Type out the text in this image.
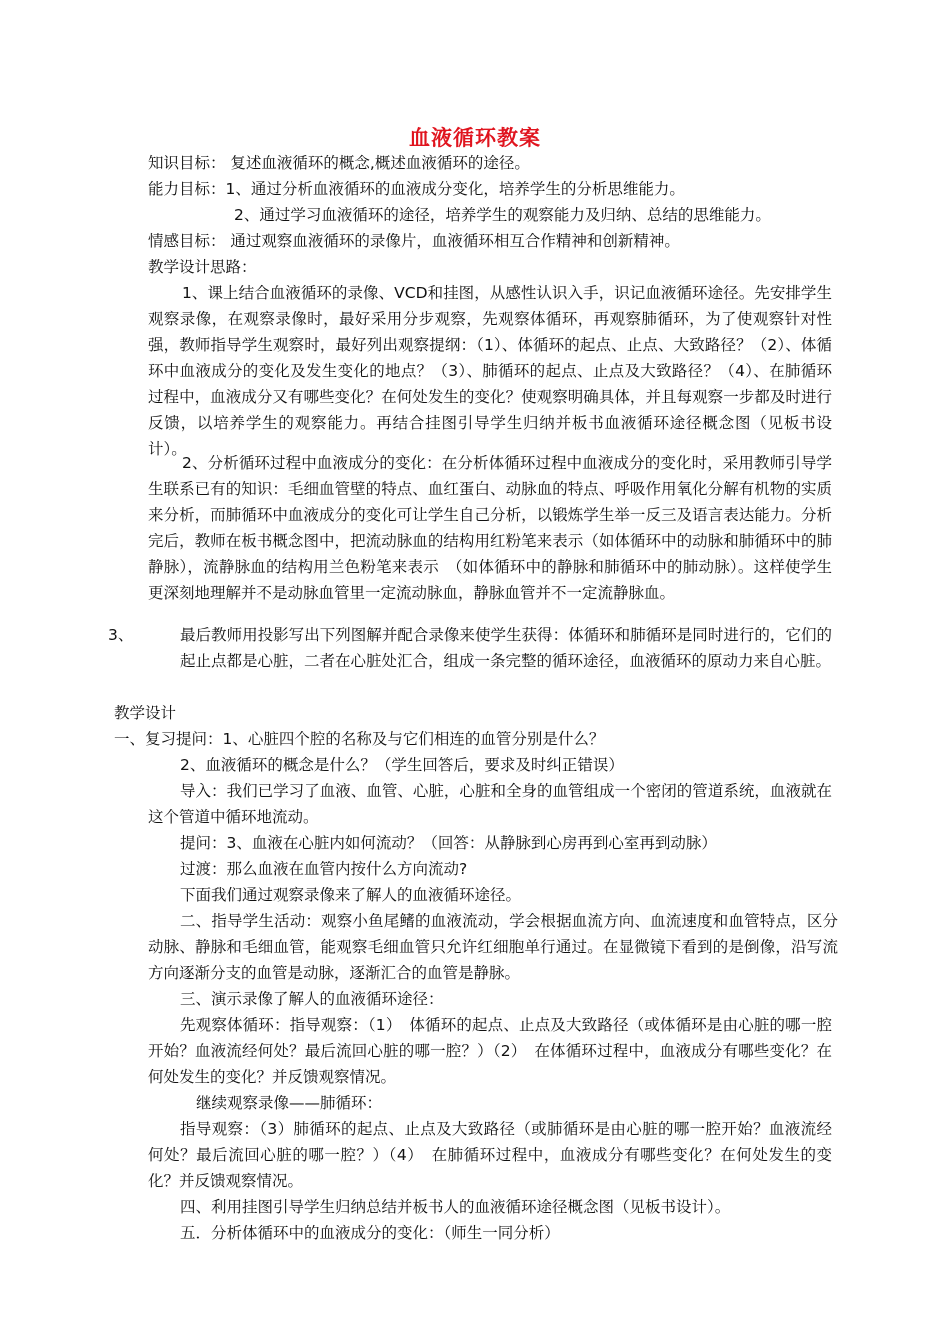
血液循环教案
知识目标： 复述血液循环的概念,概述血液循环的途径。
能力目标：1、通过分析血液循环的血液成分变化，培养学生的分析思维能力。
2、通过学习血液循环的途径，培养学生的观察能力及归纳、总结的思维能力。
情感目标： 通过观察血液循环的录像片，血液循环相互合作精神和创新精神。
教学设计思路：
1、课上结合血液循环的录像、VCD和挂图，从感性认识入手，识记血液循环途径。先安排学生观察录像，在观察录像时，最好采用分步观察，先观察体循环，再观察肺循环，为了使观察针对性强，教师指导学生观察时，最好列出观察提纲：（1）、体循环的起点、止点、大致路径？（2）、体循环中血液成分的变化及发生变化的地点？（3）、肺循环的起点、止点及大致路径？（4）、在肺循环过程中，血液成分又有哪些变化？在何处发生的变化？使观察明确具体，并且每观察一步都及时进行反馈，以培养学生的观察能力。再结合挂图引导学生归纳并板书血液循环途径概念图（见板书设计）。
2、分析循环过程中血液成分的变化：在分析体循环过程中血液成分的变化时，采用教师引导学生联系已有的知识：毛细血管壁的特点、血红蛋白、动脉血的特点、呼吸作用氧化分解有机物的实质来分析，而肺循环中血液成分的变化可让学生自己分析，以锻炼学生举一反三及语言表达能力。分析完后，教师在板书概念图中，把流动脉血的结构用红粉笔来表示（如体循环中的动脉和肺循环中的肺静脉），流静脉血的结构用兰色粉笔来表示　（如体循环中的静脉和肺循环中的肺动脉）。这样使学生更深刻地理解并不是动脉血管里一定流动脉血，静脉血管并不一定流静脉血。
3、	最后教师用投影写出下列图解并配合录像来使学生获得：体循环和肺循环是同时进行的，它们的起止点都是心脏，二者在心脏处汇合，组成一条完整的循环途径，血液循环的原动力来自心脏。
教学设计
一、复习提问：1、心脏四个腔的名称及与它们相连的血管分别是什么？
2、血液循环的概念是什么？（学生回答后，要求及时纠正错误）
导入：我们已学习了血液、血管、心脏，心脏和全身的血管组成一个密闭的管道系统，血液就在这个管道中循环地流动。
提问：3、血液在心脏内如何流动？（回答：从静脉到心房再到心室再到动脉）
过渡：那么血液在血管内按什么方向流动?
下面我们通过观察录像来了解人的血液循环途径。
二、指导学生活动：观察小鱼尾鳍的血液流动，学会根据血流方向、血流速度和血管特点，区分动脉、静脉和毛细血管，能观察毛细血管只允许红细胞单行通过。在显微镜下看到的是倒像，沿写流方向逐渐分支的血管是动脉，逐渐汇合的血管是静脉。
三、演示录像了解人的血液循环途径：
先观察体循环：指导观察：（1）　体循环的起点、止点及大致路径（或体循环是由心脏的哪一腔开始？血液流经何处？最后流回心脏的哪一腔？）（2）　在体循环过程中，血液成分有哪些变化？在何处发生的变化？并反馈观察情况。
继续观察录像——肺循环：
指导观察：（3）肺循环的起点、止点及大致路径（或肺循环是由心脏的哪一腔开始？血液流经何处？最后流回心脏的哪一腔？）（4）　在肺循环过程中，血液成分有哪些变化？在何处发生的变化？并反馈观察情况。
四、利用挂图引导学生归纳总结并板书人的血液循环途径概念图（见板书设计）。
五．分析体循环中的血液成分的变化：（师生一同分析）
